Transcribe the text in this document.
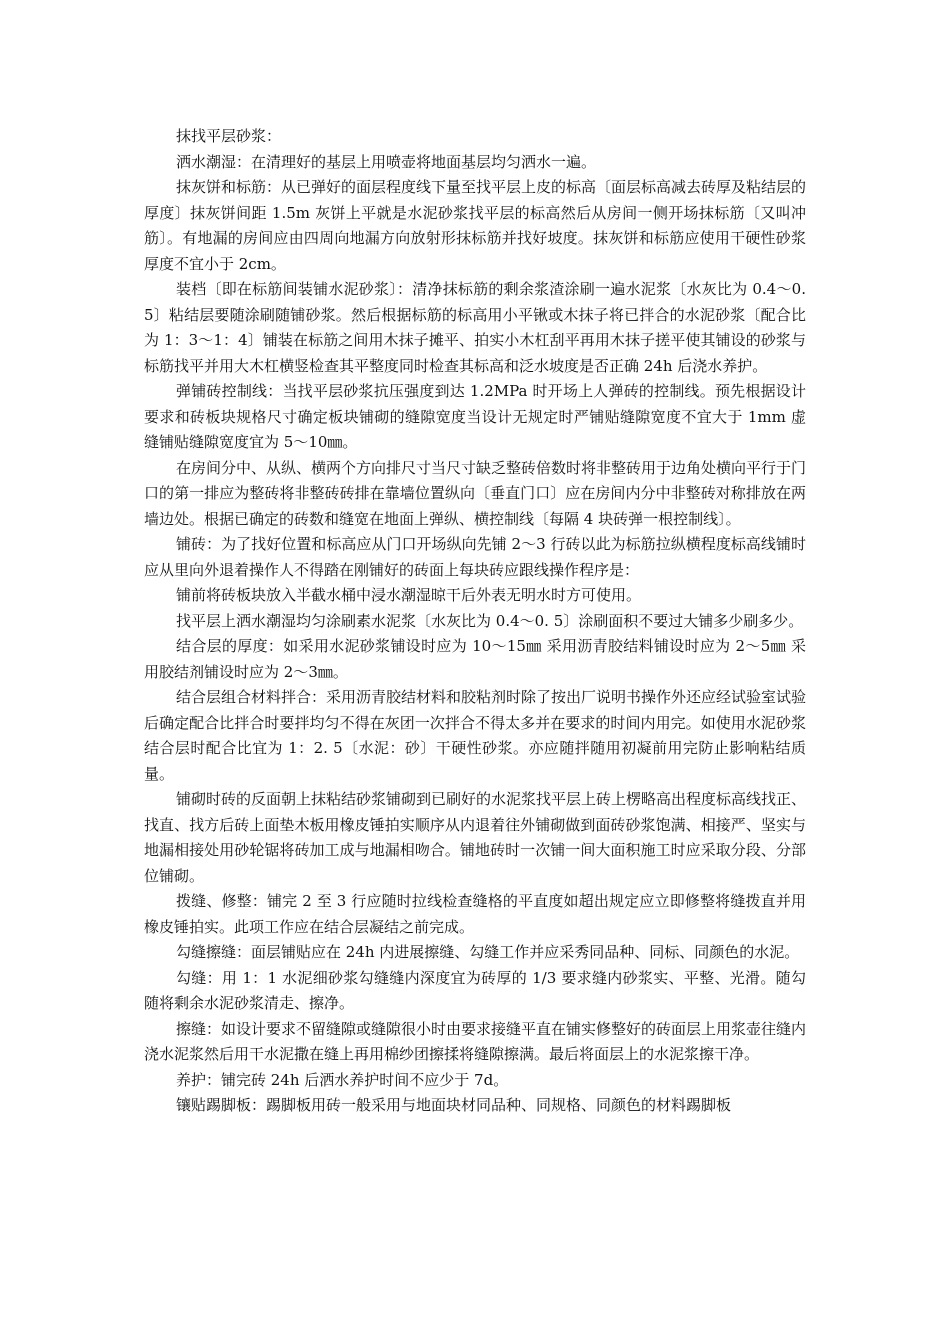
抹找平层砂浆：

洒水潮湿：在清理好的基层上用喷壶将地面基层均匀洒水一遍。

抹灰饼和标筋：从已弹好的面层程度线下量至找平层上皮的标高〔面层标高减去砖厚及粘结层的厚度〕抹灰饼间距 1.5m 灰饼上平就是水泥砂浆找平层的标高然后从房间一侧开场抹标筋〔又叫冲筋〕。有地漏的房间应由四周向地漏方向放射形抹标筋并找好坡度。抹灰饼和标筋应使用干硬性砂浆厚度不宜小于 2cm。

装档〔即在标筋间装铺水泥砂浆〕：清净抹标筋的剩余浆渣涂刷一遍水泥浆〔水灰比为 0.4～0. 5〕粘结层要随涂刷随铺砂浆。然后根据标筋的标高用小平锹或木抹子将已拌合的水泥砂浆〔配合比为 1：3～1：4〕铺装在标筋之间用木抹子摊平、拍实小木杠刮平再用木抹子搓平使其铺设的砂浆与标筋找平并用大木杠横竖检查其平整度同时检查其标高和泛水坡度是否正确 24h 后浇水养护。

弹铺砖控制线：当找平层砂浆抗压强度到达 1.2MPa 时开场上人弹砖的控制线。预先根据设计要求和砖板块规格尺寸确定板块铺砌的缝隙宽度当设计无规定时严铺贴缝隙宽度不宜大于 1mm 虚缝铺贴缝隙宽度宜为 5～10㎜。

在房间分中、从纵、横两个方向排尺寸当尺寸缺乏整砖倍数时将非整砖用于边角处横向平行于门口的第一排应为整砖将非整砖砖排在靠墙位置纵向〔垂直门口〕应在房间内分中非整砖对称排放在两墙边处。根据已确定的砖数和缝宽在地面上弹纵、横控制线〔每隔 4 块砖弹一根控制线〕。

铺砖：为了找好位置和标高应从门口开场纵向先铺 2～3 行砖以此为标筋拉纵横程度标高线铺时应从里向外退着操作人不得踏在刚铺好的砖面上每块砖应跟线操作程序是：

铺前将砖板块放入半截水桶中浸水潮湿晾干后外表无明水时方可使用。

找平层上洒水潮湿均匀涂刷素水泥浆〔水灰比为 0.4～0. 5〕涂刷面积不要过大铺多少刷多少。

结合层的厚度：如采用水泥砂浆铺设时应为 10～15㎜ 采用沥青胶结料铺设时应为 2～5㎜ 采用胶结剂铺设时应为 2～3㎜。

结合层组合材料拌合：采用沥青胶结材料和胶粘剂时除了按出厂说明书操作外还应经试验室试验后确定配合比拌合时要拌均匀不得在灰团一次拌合不得太多并在要求的时间内用完。如使用水泥砂浆结合层时配合比宜为 1：2. 5〔水泥：砂〕干硬性砂浆。亦应随拌随用初凝前用完防止影响粘结质量。

铺砌时砖的反面朝上抹粘结砂浆铺砌到已刷好的水泥浆找平层上砖上楞略高出程度标高线找正、找直、找方后砖上面垫木板用橡皮锤拍实顺序从内退着往外铺砌做到面砖砂浆饱满、相接严、坚实与地漏相接处用砂轮锯将砖加工成与地漏相吻合。铺地砖时一次铺一间大面积施工时应采取分段、分部位铺砌。

拨缝、修整：铺完 2 至 3 行应随时拉线检查缝格的平直度如超出规定应立即修整将缝拨直并用橡皮锤拍实。此项工作应在结合层凝结之前完成。

勾缝擦缝：面层铺贴应在 24h 内进展擦缝、勾缝工作并应采秀同品种、同标、同颜色的水泥。

勾缝：用 1：1 水泥细砂浆勾缝缝内深度宜为砖厚的 1/3 要求缝内砂浆实、平整、光滑。随勾随将剩余水泥砂浆清走、擦净。

擦缝：如设计要求不留缝隙或缝隙很小时由要求接缝平直在铺实修整好的砖面层上用浆壶往缝内浇水泥浆然后用干水泥撒在缝上再用棉纱团擦揉将缝隙擦满。最后将面层上的水泥浆擦干净。

养护：铺完砖 24h 后洒水养护时间不应少于 7d。

镶贴踢脚板：踢脚板用砖一般采用与地面块材同品种、同规格、同颜色的材料踢脚板
